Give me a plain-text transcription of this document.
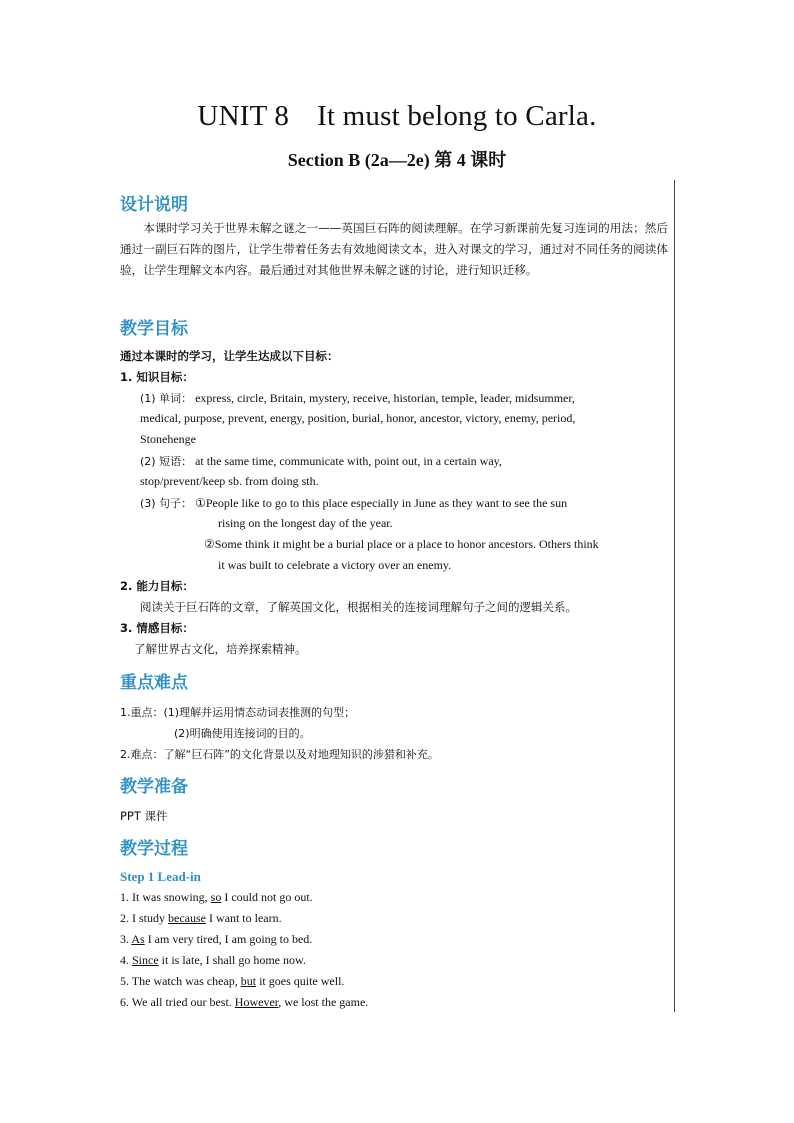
UNIT 8 It must belong to Carla.
Section B (2a—2e) 第 4 课时
设计说明
本课时学习关于世界未解之谜之一——英国巨石阵的阅读理解。在学习新课前先复习连词的用法；然后通过一副巨石阵的图片，让学生带着任务去有效地阅读文本，进入对课文的学习，通过对不同任务的阅读体验，让学生理解文本内容。最后通过对其他世界未解之谜的讨论，进行知识迁移。
教学目标
通过本课时的学习，让学生达成以下目标：
1. 知识目标：
(1) 单词： express, circle, Britain, mystery, receive, historian, temple, leader, midsummer,
medical, purpose, prevent, energy, position, burial, honor, ancestor, victory, enemy, period,
Stonehenge
(2) 短语： at the same time, communicate with, point out, in a certain way,
stop/prevent/keep sb. from doing sth.
(3) 句子： ①People like to go to this place especially in June as they want to see the sun
rising on the longest day of the year.
②Some think it might be a burial place or a place to honor ancestors. Others think
it was built to celebrate a victory over an enemy.
2. 能力目标：
阅读关于巨石阵的文章，了解英国文化，根据相关的连接词理解句子之间的逻辑关系。
3. 情感目标：
了解世界古文化，培养探索精神。
重点难点
1.重点：(1)理解并运用情态动词表推测的句型；
(2)明确使用连接词的目的。
2.难点：了解“巨石阵”的文化背景以及对地理知识的涉猎和补充。
教学准备
PPT 课件
教学过程
Step 1 Lead-in
1. It was snowing, so I could not go out.
2. I study because I want to learn.
3. As I am very tired, I am going to bed.
4. Since it is late, I shall go home now.
5. The watch was cheap, but it goes quite well.
6. We all tried our best. However, we lost the game.
